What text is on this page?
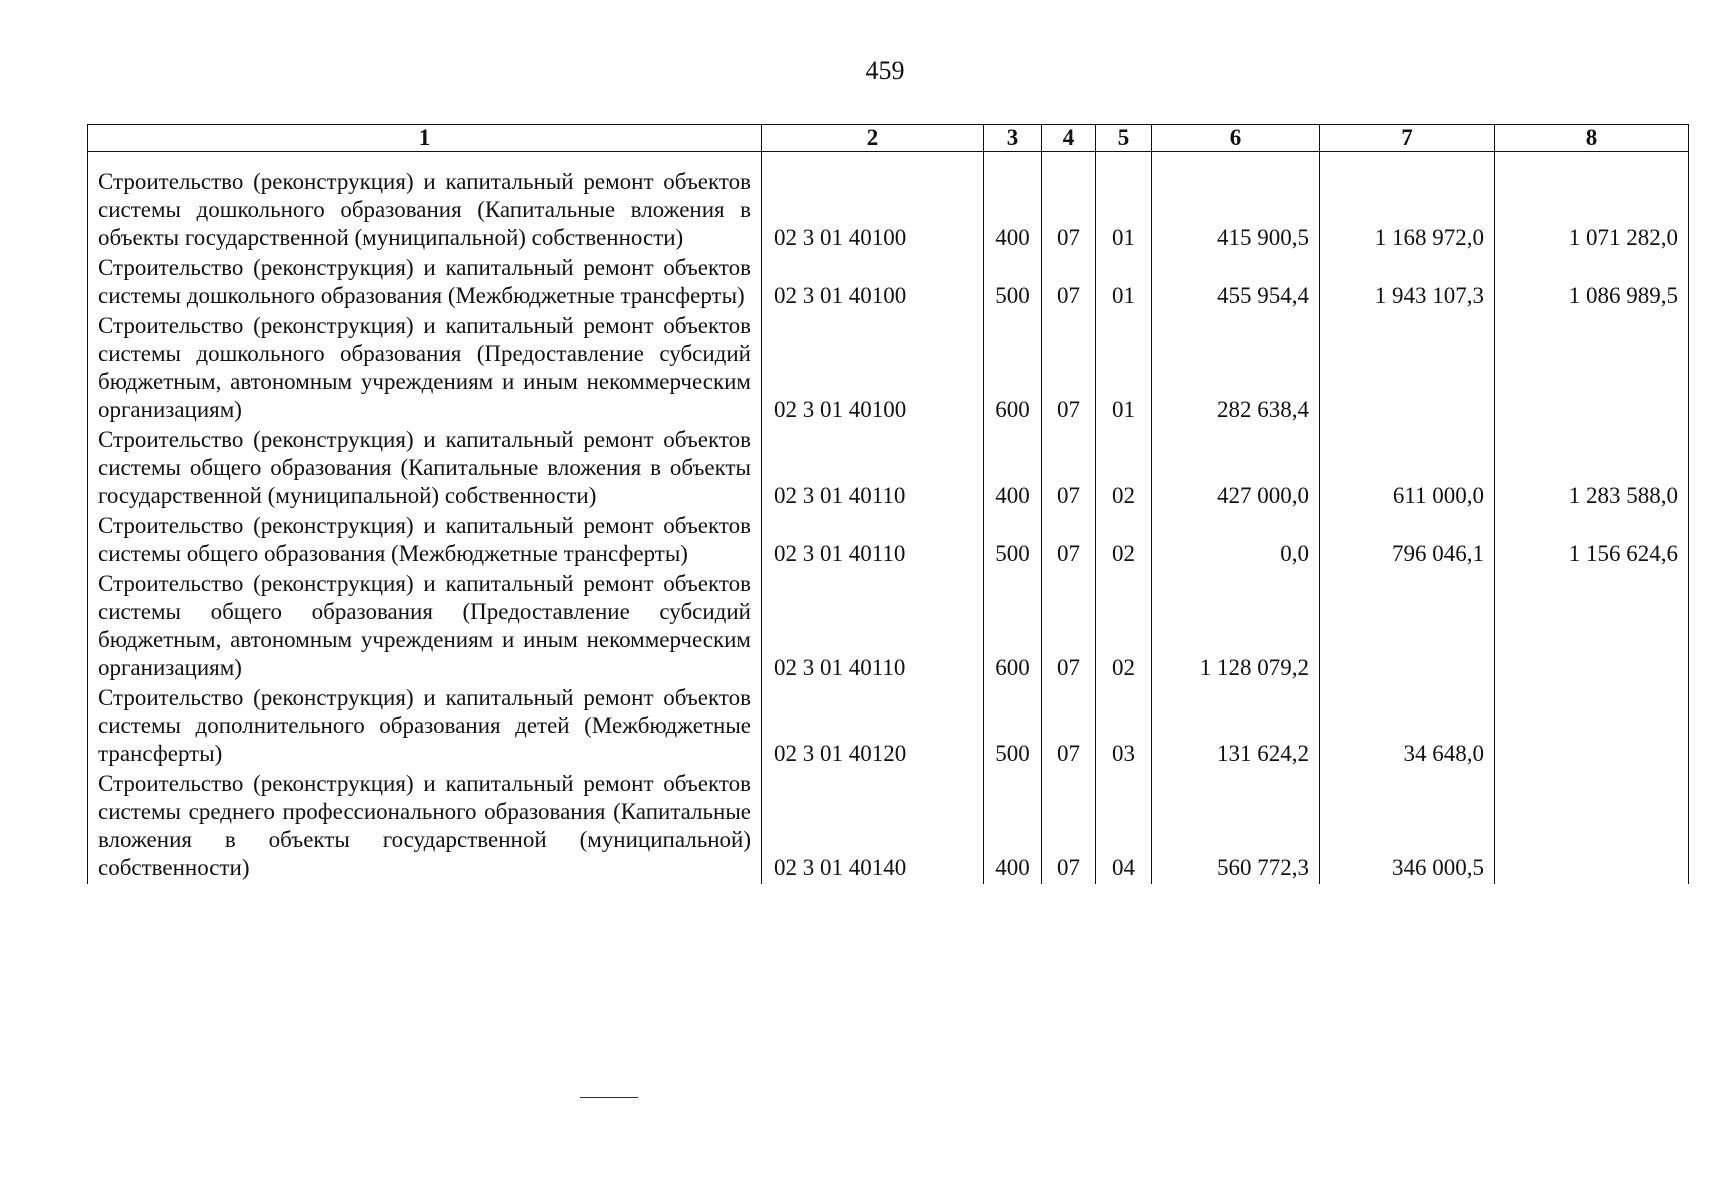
459
1	2	3	4	5	6	7	8
Строительство (реконструкция) и капитальный ремонт объектов системы дошкольного образования (Капитальные вложения в объекты государственной (муниципальной) собственности)	02 3 01 40100	400	07	01	415 900,5	1 168 972,0	1 071 282,0
Строительство (реконструкция) и капитальный ремонт объектов системы дошкольного образования (Межбюджетные трансферты)	02 3 01 40100	500	07	01	455 954,4	1 943 107,3	1 086 989,5
Строительство (реконструкция) и капитальный ремонт объектов системы дошкольного образования (Предоставление субсидий бюджетным, автономным учреждениям и иным некоммерческим организациям)	02 3 01 40100	600	07	01	282 638,4		
Строительство (реконструкция) и капитальный ремонт объектов системы общего образования (Капитальные вложения в объекты государственной (муниципальной) собственности)	02 3 01 40110	400	07	02	427 000,0	611 000,0	1 283 588,0
Строительство (реконструкция) и капитальный ремонт объектов системы общего образования (Межбюджетные трансферты)	02 3 01 40110	500	07	02	0,0	796 046,1	1 156 624,6
Строительство (реконструкция) и капитальный ремонт объектов системы общего образования (Предоставление субсидий бюджетным, автономным учреждениям и иным некоммерческим организациям)	02 3 01 40110	600	07	02	1 128 079,2		
Строительство (реконструкция) и капитальный ремонт объектов системы дополнительного образования детей (Межбюджетные трансферты)	02 3 01 40120	500	07	03	131 624,2	34 648,0	
Строительство (реконструкция) и капитальный ремонт объектов системы среднего профессионального образования (Капитальные вложения в объекты государственной (муниципальной) собственности)	02 3 01 40140	400	07	04	560 772,3	346 000,5	
